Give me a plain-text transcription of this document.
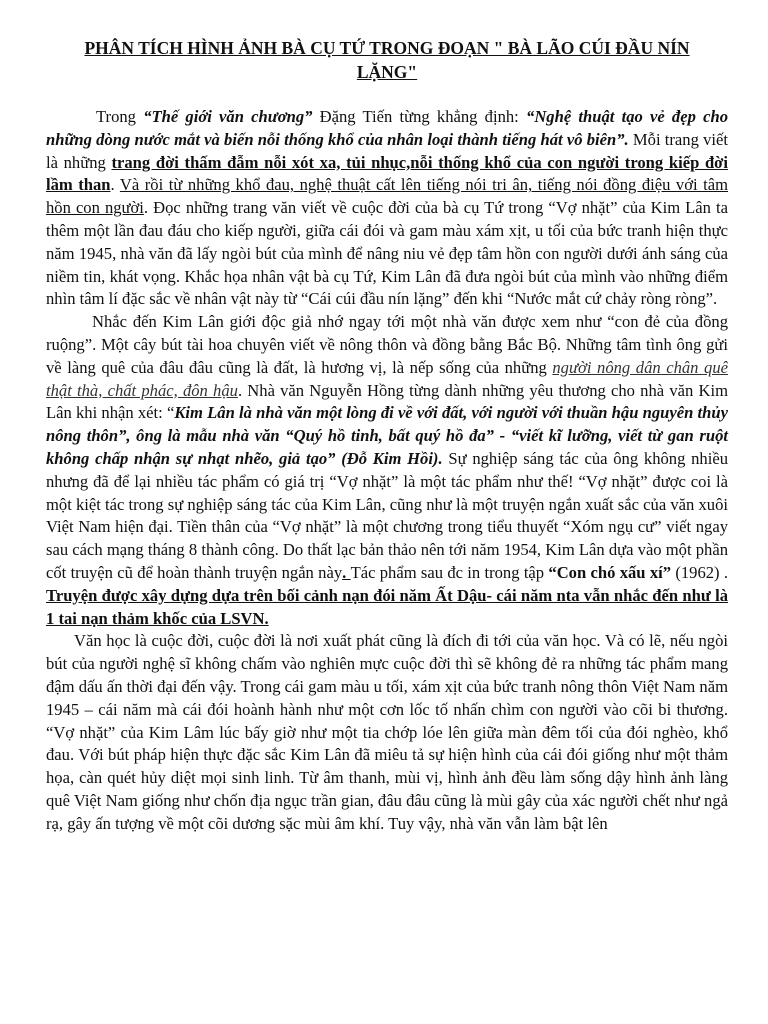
PHÂN TÍCH HÌNH ẢNH BÀ CỤ TỨ TRONG ĐOẠN " BÀ LÃO CÚI ĐẦU NÍN LẶNG"

Trong “Thế giới văn chương” Đặng Tiến từng khẳng định: “Nghệ thuật tạo vẻ đẹp cho những dòng nước mắt và biến nỗi thống khổ của nhân loại thành tiếng hát vô biên”. Mỗi trang viết là những trang đời thấm đẫm nỗi xót xa, tủi nhục,nỗi thống khổ của con người trong kiếp đời lầm than. Và rồi từ những khổ đau, nghệ thuật cất lên tiếng nói tri ân, tiếng nói đồng điệu với tâm hồn con người. Đọc những trang văn viết về cuộc đời của bà cụ Tứ trong “Vợ nhặt” của Kim Lân ta thêm một lần đau đáu cho kiếp người, giữa cái đói và gam màu xám xịt, u tối của bức tranh hiện thực năm 1945, nhà văn đã lấy ngòi bút của mình để nâng niu vẻ đẹp tâm hồn con người dưới ánh sáng của niềm tin, khát vọng. Khắc họa nhân vật bà cụ Tứ, Kim Lân đã đưa ngòi bút của mình vào những điểm nhìn tâm lí đặc sắc về nhân vật này từ “Cái cúi đầu nín lặng” đến khi “Nước mắt cứ chảy ròng ròng”.

Nhắc đến Kim Lân giới độc giả nhớ ngay tới một nhà văn được xem như “con đẻ của đồng ruộng”. Một cây bút tài hoa chuyên viết về nông thôn và đồng bằng Bắc Bộ. Những tâm tình ông gửi về làng quê của đâu đâu cũng là đất, là hương vị, là nếp sống của những người nông dân chân quê thật thà, chất phác, đôn hậu. Nhà văn Nguyễn Hồng từng dành những yêu thương cho nhà văn Kim Lân khi nhận xét: “Kim Lân là nhà văn một lòng đi về với đất, với người với thuần hậu nguyên thủy nông thôn”, ông là mẫu nhà văn “Quý hồ tinh, bất quý hồ đa” - “viết kĩ lưỡng, viết từ gan ruột không chấp nhận sự nhạt nhẽo, giả tạo” (Đỗ Kim Hồi). Sự nghiệp sáng tác của ông không nhiều nhưng đã để lại nhiều tác phẩm có giá trị “Vợ nhặt” là một tác phẩm như thế! “Vợ nhặt” được coi là một kiệt tác trong sự nghiệp sáng tác của Kim Lân, cũng như là một truyện ngắn xuất sắc của văn xuôi Việt Nam hiện đại. Tiền thân của “Vợ nhặt” là một chương trong tiểu thuyết “Xóm ngụ cư” viết ngay sau cách mạng tháng 8 thành công. Do thất lạc bản thảo nên tới năm 1954, Kim Lân dựa vào một phần cốt truyện cũ để hoàn thành truyện ngắn này. Tác phẩm sau đc in trong tập “Con chó xấu xí” (1962) . Truyện được xây dựng dựa trên bối cảnh nạn đói năm Ất Dậu- cái năm nta vẫn nhắc đến như là 1 tai nạn thảm khốc của LSVN.

Văn học là cuộc đời, cuộc đời là nơi xuất phát cũng là đích đi tới của văn học. Và có lẽ, nếu ngòi bút của người nghệ sĩ không chấm vào nghiên mực cuộc đời thì sẽ không đẻ ra những tác phẩm mang đậm dấu ấn thời đại đến vậy. Trong cái gam màu u tối, xám xịt của bức tranh nông thôn Việt Nam năm 1945 – cái năm mà cái đói hoành hành như một cơn lốc tố nhấn chìm con người vào cõi bi thương. “Vợ nhặt” của Kim Lâm lúc bấy giờ như một tia chớp lóe lên giữa màn đêm tối của đói nghèo, khổ đau. Với bút pháp hiện thực đặc sắc Kim Lân đã miêu tả sự hiện hình của cái đói giống như một thảm họa, càn quét hủy diệt mọi sinh linh. Từ âm thanh, mùi vị, hình ảnh đều làm sống dậy hình ảnh làng quê Việt Nam giống như chốn địa ngục trần gian, đâu đâu cũng là mùi gây của xác người chết như ngả rạ, gây ấn tượng về một cõi dương sặc mùi âm khí. Tuy vậy, nhà văn vẫn làm bật lên
